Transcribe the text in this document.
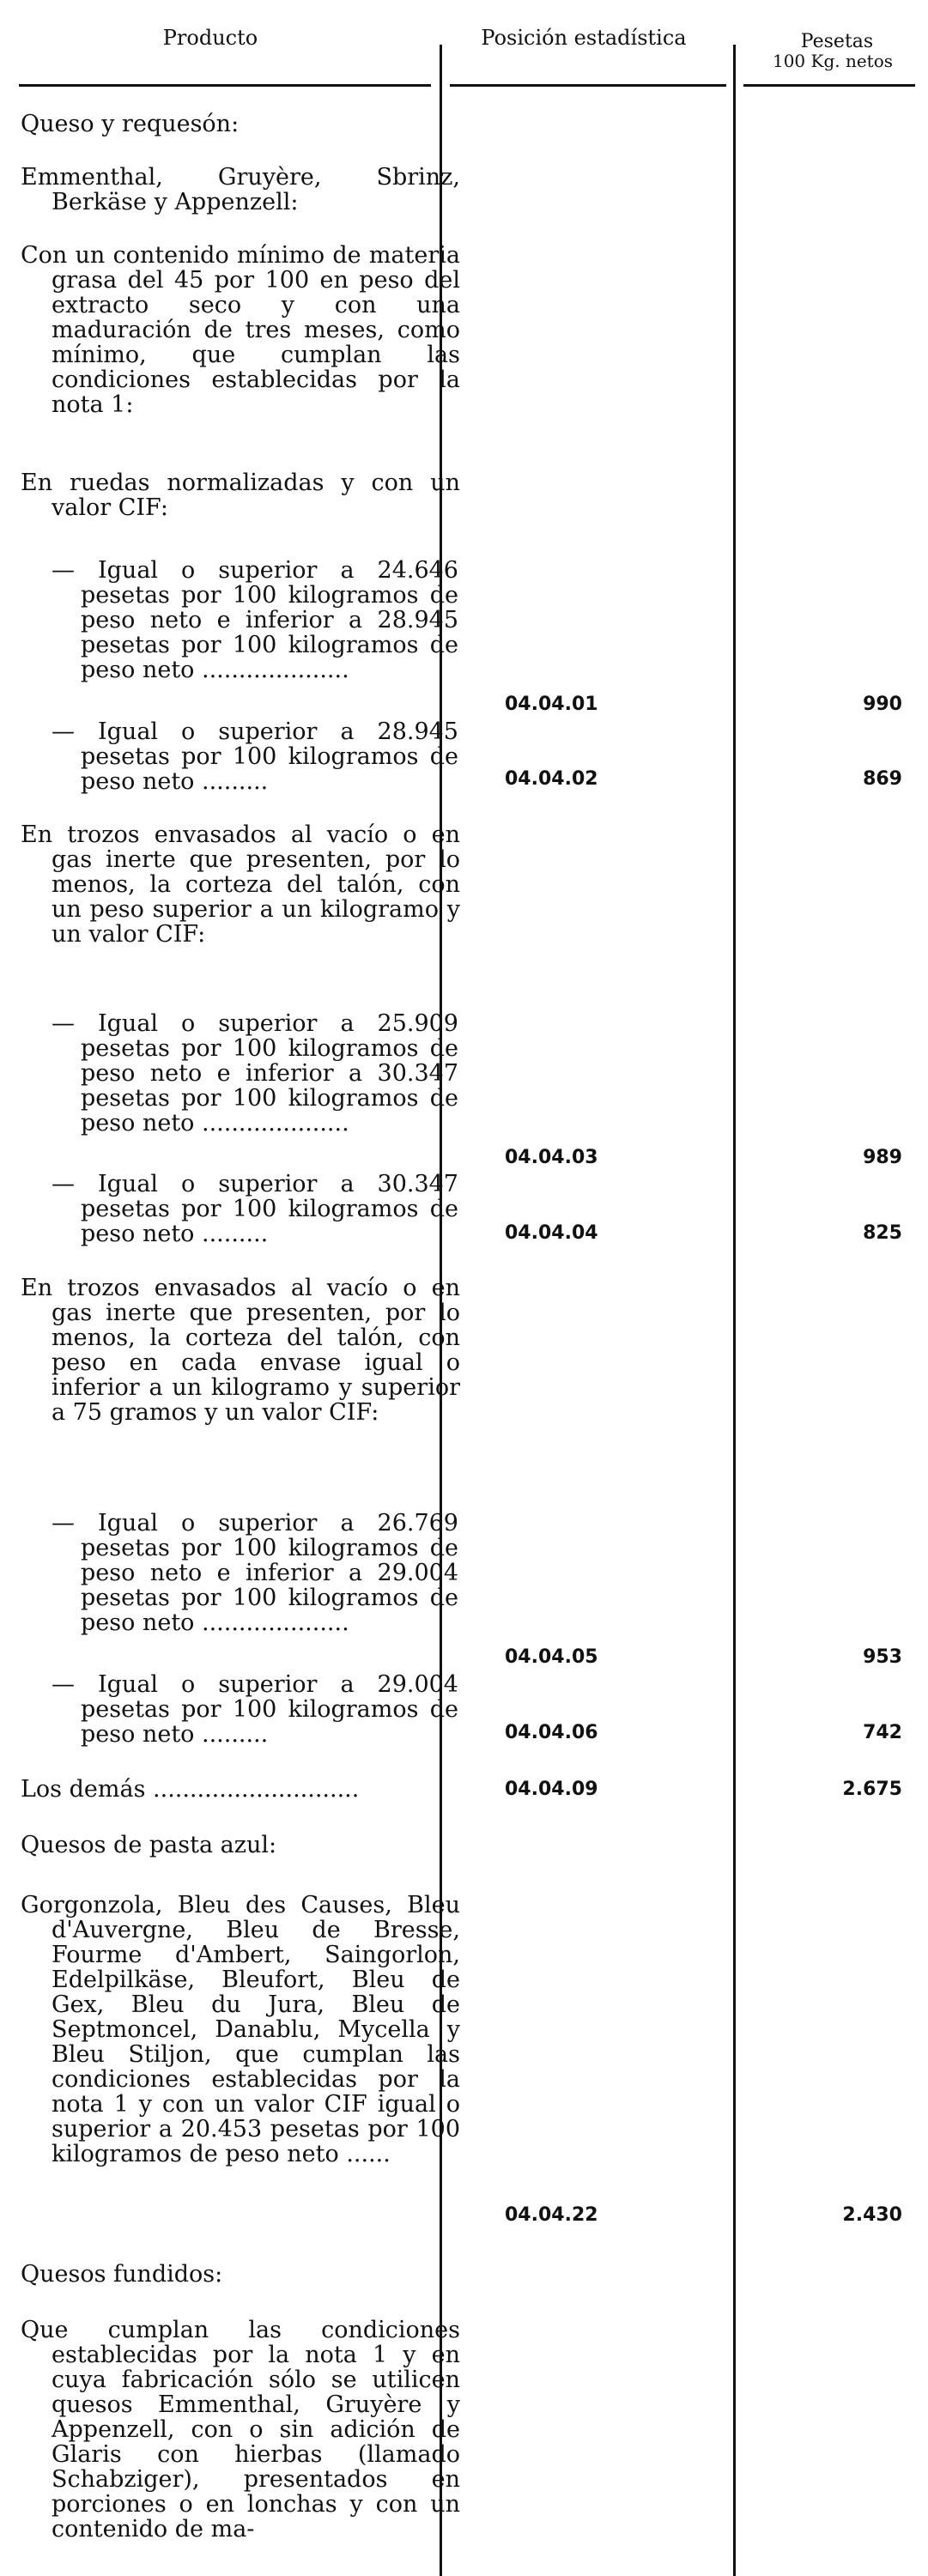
Producto	Posición estadística	Pesetas
100 Kg. netos
Queso y requesón:
Emmenthal, Gruyère, Sbrinz, Berkäse y Appenzell:
Con un contenido mínimo de materia grasa del 45 por 100 en peso del extracto seco y con una maduración de tres meses, como mínimo, que cumplan las condiciones establecidas por la nota 1:
En ruedas normalizadas y con un valor CIF:
— Igual o superior a 24.646 pesetas por 100 kilogramos de peso neto e inferior a 28.945 pesetas por 100 kilogramos de peso neto ....................
04.04.01	990
— Igual o superior a 28.945 pesetas por 100 kilogramos de peso neto .........	04.04.02	869
En trozos envasados al vacío o en gas inerte que presenten, por lo menos, la corteza del talón, con un peso superior a un kilogramo y un valor CIF:
— Igual o superior a 25.909 pesetas por 100 kilogramos de peso neto e inferior a 30.347 pesetas por 100 kilogramos de peso neto ....................
04.04.03	989
— Igual o superior a 30.347 pesetas por 100 kilogramos de peso neto .........	04.04.04	825
En trozos envasados al vacío o en gas inerte que presenten, por lo menos, la corteza del talón, con peso en cada envase igual o inferior a un kilogramo y superior a 75 gramos y un valor CIF:
— Igual o superior a 26.769 pesetas por 100 kilogramos de peso neto e inferior a 29.004 pesetas por 100 kilogramos de peso neto ....................
04.04.05	953
— Igual o superior a 29.004 pesetas por 100 kilogramos de peso neto .........	04.04.06	742
Los demás ............................	04.04.09	2.675
Quesos de pasta azul:
Gorgonzola, Bleu des Causes, Bleu d'Auvergne, Bleu de Bresse, Fourme d'Ambert, Saingorlon, Edelpilkäse, Bleufort, Bleu de Gex, Bleu du Jura, Bleu de Septmoncel, Danablu, Mycella y Bleu Stiljon, que cumplan las condiciones establecidas por la nota 1 y con un valor CIF igual o superior a 20.453 pesetas por 100 kilogramos de peso neto ......
04.04.22	2.430
Quesos fundidos:
Que cumplan las condiciones establecidas por la nota 1 y en cuya fabricación sólo se utilicen quesos Emmenthal, Gruyère y Appenzell, con o sin adición de Glaris con hierbas (llamado Schabziger), presentados en porciones o en lonchas y con un contenido de ma-
